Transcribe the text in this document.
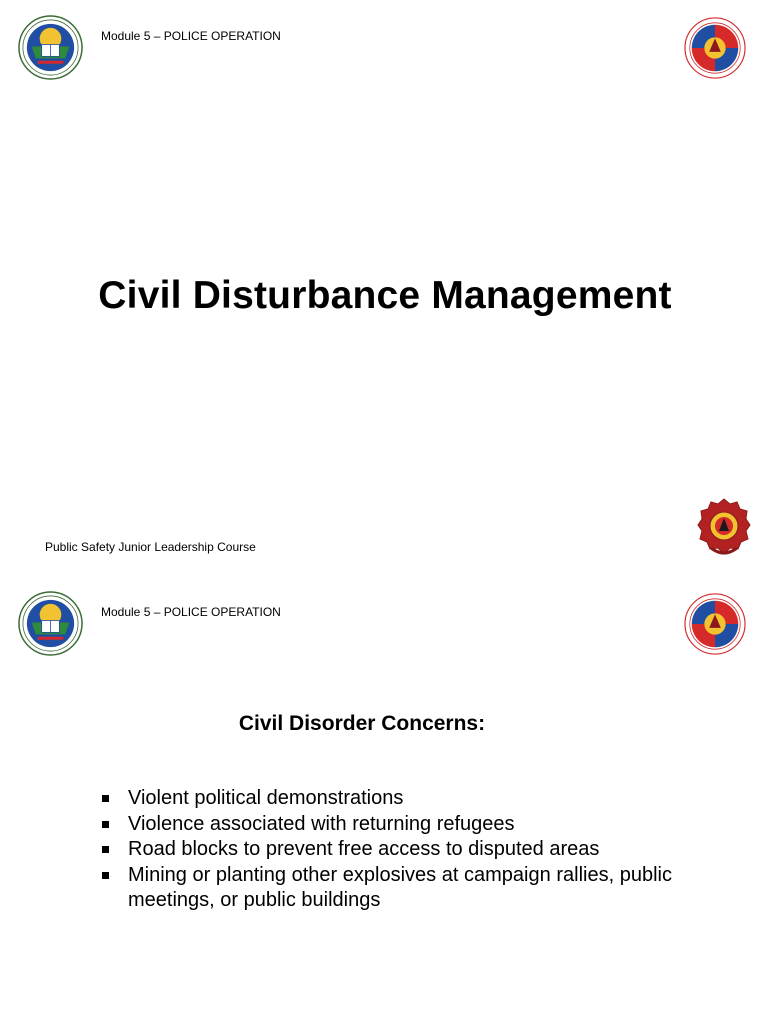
Module 5 – POLICE OPERATION
Civil Disturbance Management
Public Safety Junior Leadership Course
Module 5 – POLICE OPERATION
Civil Disorder Concerns:
Violent political demonstrations
Violence associated with returning refugees
Road blocks to prevent free access to disputed areas
Mining or planting other explosives at campaign rallies, public meetings, or public buildings
